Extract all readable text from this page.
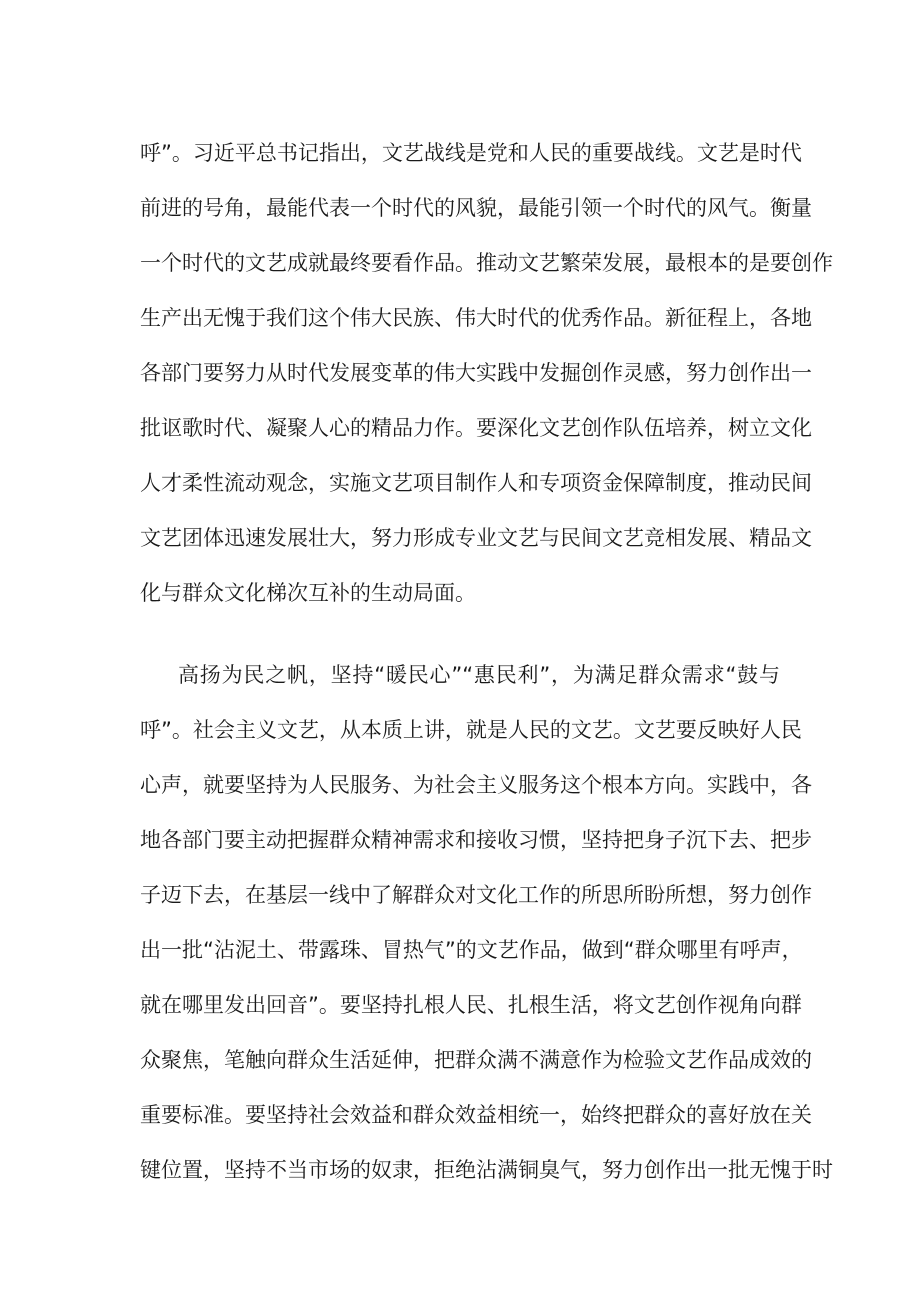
呼”。习近平总书记指出，文艺战线是党和人民的重要战线。文艺是时代
前进的号角，最能代表一个时代的风貌，最能引领一个时代的风气。衡量
一个时代的文艺成就最终要看作品。推动文艺繁荣发展，最根本的是要创作
生产出无愧于我们这个伟大民族、伟大时代的优秀作品。新征程上，各地
各部门要努力从时代发展变革的伟大实践中发掘创作灵感，努力创作出一
批讴歌时代、凝聚人心的精品力作。要深化文艺创作队伍培养，树立文化
人才柔性流动观念，实施文艺项目制作人和专项资金保障制度，推动民间
文艺团体迅速发展壮大，努力形成专业文艺与民间文艺竞相发展、精品文
化与群众文化梯次互补的生动局面。
高扬为民之帆，坚持“暖民心”“惠民利”，为满足群众需求“鼓与
呼”。社会主义文艺，从本质上讲，就是人民的文艺。文艺要反映好人民
心声，就要坚持为人民服务、为社会主义服务这个根本方向。实践中，各
地各部门要主动把握群众精神需求和接收习惯，坚持把身子沉下去、把步
子迈下去，在基层一线中了解群众对文化工作的所思所盼所想，努力创作
出一批“沾泥土、带露珠、冒热气”的文艺作品，做到“群众哪里有呼声，
就在哪里发出回音”。要坚持扎根人民、扎根生活，将文艺创作视角向群
众聚焦，笔触向群众生活延伸，把群众满不满意作为检验文艺作品成效的
重要标准。要坚持社会效益和群众效益相统一，始终把群众的喜好放在关
键位置，坚持不当市场的奴隶，拒绝沾满铜臭气，努力创作出一批无愧于时
